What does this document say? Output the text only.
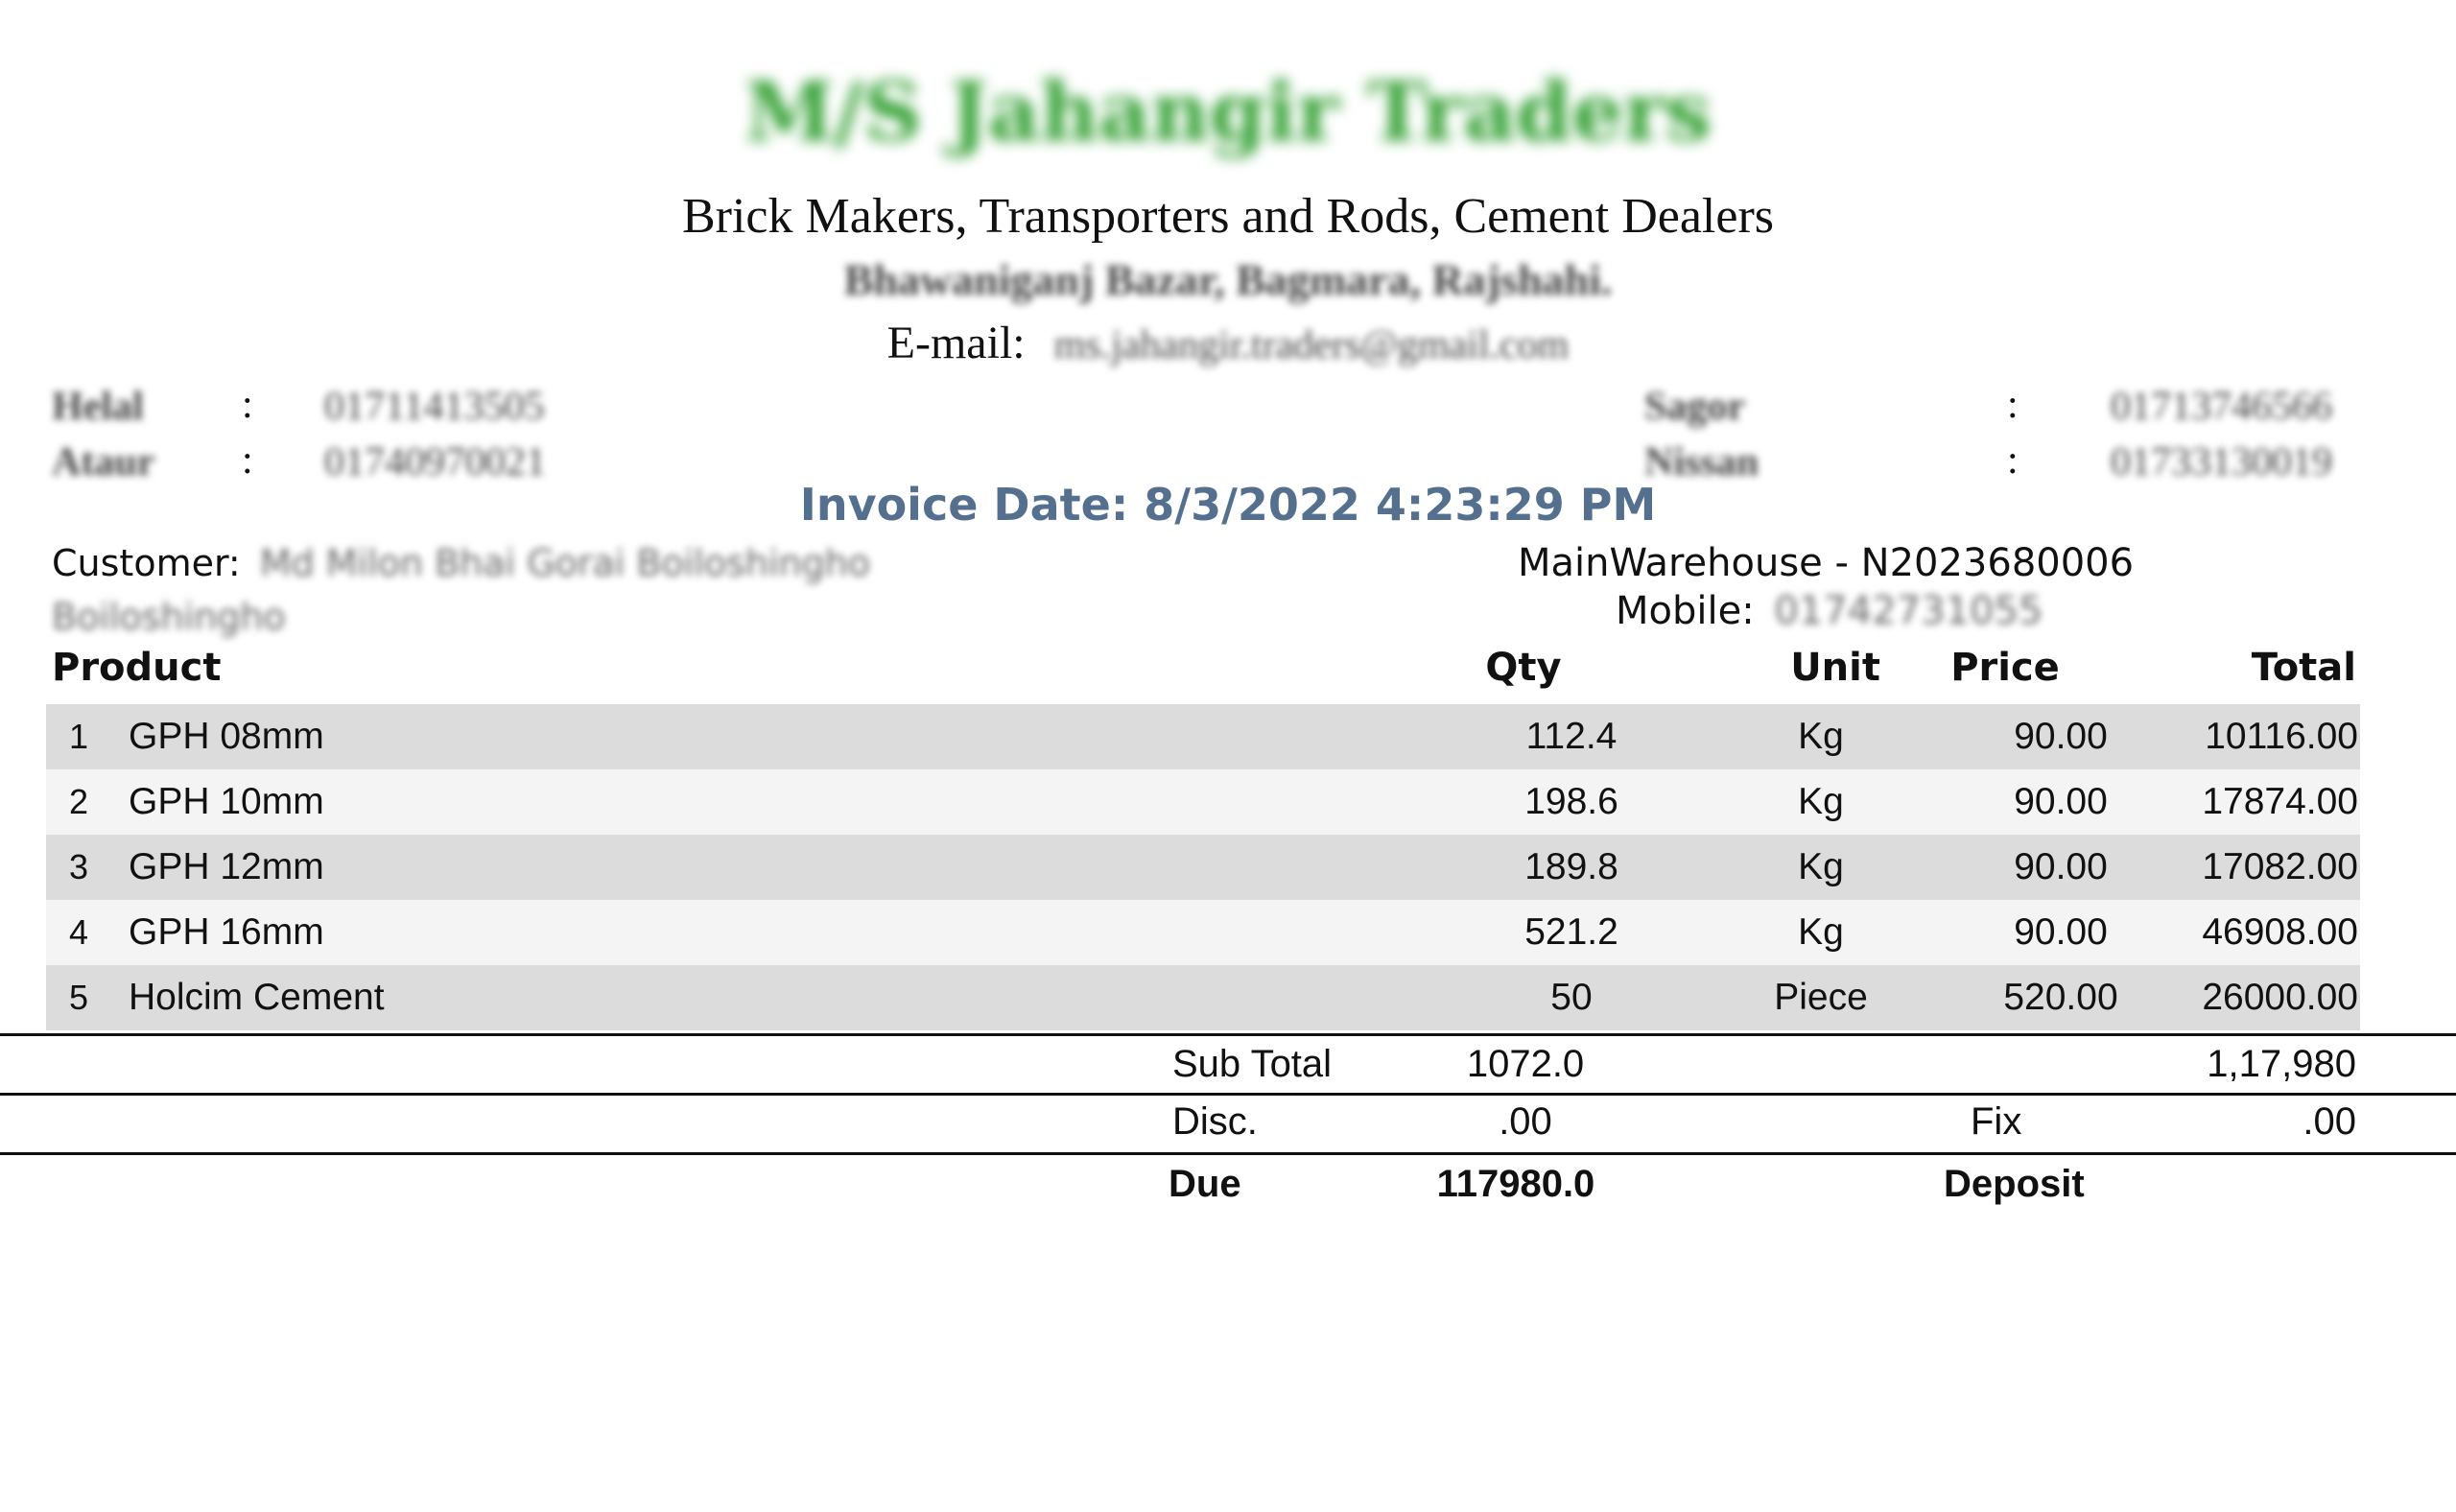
M/S Jahangir Traders
Brick Makers, Transporters and Rods, Cement Dealers
Bhawaniganj Bazar, Bagmara, Rajshahi.
E-mail: ms.jahangir.traders@gmail.com
Helal : 01711413505
Ataur : 01740970021
Sagor	: 01713746566
Nissan	: 01733130019
Invoice Date: 8/3/2022 4:23:29 PM
Customer: Md Milon Bhai Gorai Boiloshingho
Boiloshingho
MainWarehouse - N2023680006
Mobile: 01742731055
Product	Qty	Unit	Price	Total
1 GPH 08mm	112.4	Kg	90.00	10116.00
2 GPH 10mm	198.6	Kg	90.00	17874.00
3 GPH 12mm	189.8	Kg	90.00	17082.00
4 GPH 16mm	521.2	Kg	90.00	46908.00
5 Holcim Cement	50	Piece	520.00	26000.00
Sub Total	1072.0	1,17,980
Disc.	.00	Fix	.00
Due	117980.0	Deposit
